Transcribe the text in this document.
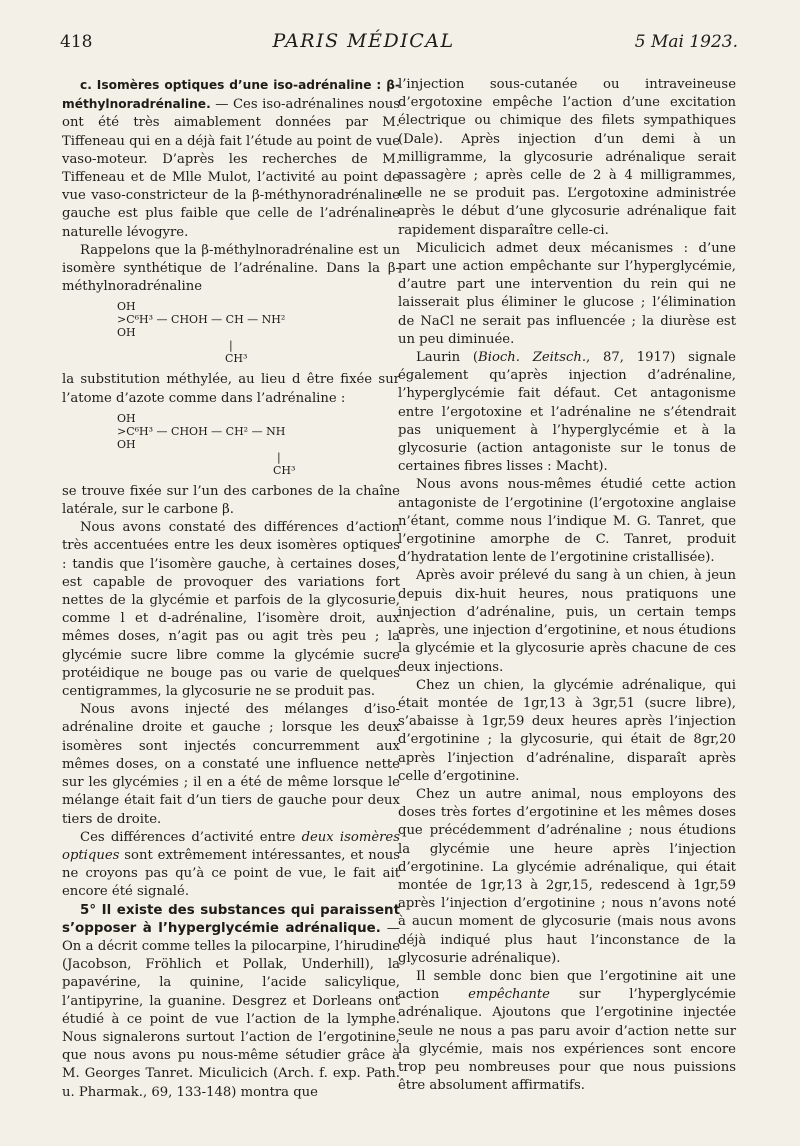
418	PARIS MÉDICAL	5 Mai 1923.

c. Isomères optiques d’une iso-adrénaline : β-méthylnoradrénaline. — Ces iso-adrénalines nous ont été très aimablement données par M. Tiffeneau qui en a déjà fait l’étude au point de vue vaso-moteur. D’après les recherches de M. Tiffeneau et de Mlle Mulot, l’activité au point de vue vaso-constricteur de la β-méthynoradrénaline gauche est plus faible que celle de l’adrénaline naturelle lévogyre.

Rappelons que la β-méthylnoradrénaline est un isomère synthétique de l’adrénaline. Dans la β-méthylnoradrénaline

OH
>C⁶H³ — CHOH — CH — NH²
OH
|
CH³

la substitution méthylée, au lieu d être fixée sur l’atome d’azote comme dans l’adrénaline :

OH
>C⁶H³ — CHOH — CH² — NH
OH
|
CH³

se trouve fixée sur l’un des carbones de la chaîne latérale, sur le carbone β.

Nous avons constaté des différences d’action très accentuées entre les deux isomères optiques : tandis que l’isomère gauche, à certaines doses, est capable de provoquer des variations fort nettes de la glycémie et parfois de la glycosurie, comme l et d-adrénaline, l’isomère droit, aux mêmes doses, n’agit pas ou agit très peu ; la glycémie sucre libre comme la glycémie sucre protéidique ne bouge pas ou varie de quelques centigrammes, la glycosurie ne se produit pas.

Nous avons injecté des mélanges d’iso-adrénaline droite et gauche ; lorsque les deux isomères sont injectés concurremment aux mêmes doses, on a constaté une influence nette sur les glycémies ; il en a été de même lorsque le mélange était fait d’un tiers de gauche pour deux tiers de droite.

Ces différences d’activité entre deux isomères optiques sont extrêmement intéressantes, et nous ne croyons pas qu’à ce point de vue, le fait ait encore été signalé.

5° Il existe des substances qui paraissent s’opposer à l’hyperglycémie adrénalique. — On a décrit comme telles la pilocarpine, l’hirudine (Jacobson, Fröhlich et Pollak, Underhill), la papavérine, la quinine, l’acide salicylique, l’antipyrine, la guanine. Desgrez et Dorleans ont étudié à ce point de vue l’action de la lymphe. Nous signalerons surtout l’action de l’ergotinine, que nous avons pu nous-même sétudier grâce à M. Georges Tanret. Miculicich (Arch. f. exp. Path. u. Pharmak., 69, 133-148) montra que

l’injection sous-cutanée ou intraveineuse d’ergotoxine empêche l’action d’une excitation électrique ou chimique des filets sympathiques (Dale). Après injection d’un demi à un milligramme, la glycosurie adrénalique serait passagère ; après celle de 2 à 4 milligrammes, elle ne se produit pas. L’ergotoxine administrée après le début d’une glycosurie adrénalique fait rapidement disparaître celle-ci.

Miculicich admet deux mécanismes : d’une part une action empêchante sur l’hyperglycémie, d’autre part une intervention du rein qui ne laisserait plus éliminer le glucose ; l’élimination de NaCl ne serait pas influencée ; la diurèse est un peu diminuée.

Laurin (Bioch. Zeitsch., 87, 1917) signale également qu’après injection d’adrénaline, l’hyperglycémie fait défaut. Cet antagonisme entre l’ergotoxine et l’adrénaline ne s’étendrait pas uniquement à l’hyperglycémie et à la glycosurie (action antagoniste sur le tonus de certaines fibres lisses : Macht).

Nous avons nous-mêmes étudié cette action antagoniste de l’ergotinine (l’ergotoxine anglaise n’étant, comme nous l’indique M. G. Tanret, que l’ergotinine amorphe de C. Tanret, produit d’hydratation lente de l’ergotinine cristallisée).

Après avoir prélevé du sang à un chien, à jeun depuis dix-huit heures, nous pratiquons une injection d’adrénaline, puis, un certain temps après, une injection d’ergotinine, et nous étudions la glycémie et la glycosurie après chacune de ces deux injections.

Chez un chien, la glycémie adrénalique, qui était montée de 1gr,13 à 3gr,51 (sucre libre), s’abaisse à 1gr,59 deux heures après l’injection d’ergotinine ; la glycosurie, qui était de 8gr,20 après l’injection d’adrénaline, disparaît après celle d’ergotinine.

Chez un autre animal, nous employons des doses très fortes d’ergotinine et les mêmes doses que précédemment d’adrénaline ; nous étudions la glycémie une heure après l’injection d’ergotinine. La glycémie adrénalique, qui était montée de 1gr,13 à 2gr,15, redescend à 1gr,59 après l’injection d’ergotinine ; nous n’avons noté à aucun moment de glycosurie (mais nous avons déjà indiqué plus haut l’inconstance de la glycosurie adrénalique).

Il semble donc bien que l’ergotinine ait une action empêchante sur l’hyperglycémie adrénalique. Ajoutons que l’ergotinine injectée seule ne nous a pas paru avoir d’action nette sur la glycémie, mais nos expériences sont encore trop peu nombreuses pour que nous puissions être absolument affirmatifs.
